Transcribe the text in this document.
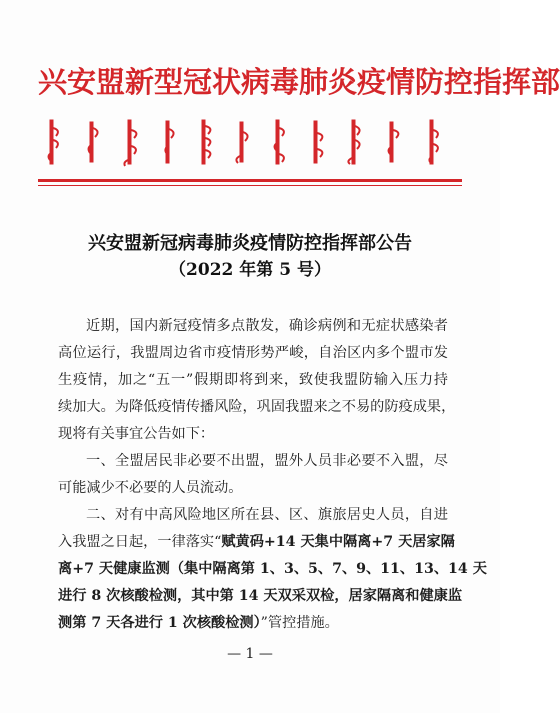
兴安盟新型冠状病毒肺炎疫情防控指挥部
兴安盟新冠病毒肺炎疫情防控指挥部公告
（2022 年第 5 号）
近期，国内新冠疫情多点散发，确诊病例和无症状感染者
高位运行，我盟周边省市疫情形势严峻，自治区内多个盟市发
生疫情，加之“五一”假期即将到来，致使我盟防输入压力持
续加大。为降低疫情传播风险，巩固我盟来之不易的防疫成果，
现将有关事宜公告如下：
一、全盟居民非必要不出盟，盟外人员非必要不入盟，尽
可能减少不必要的人员流动。
二、对有中高风险地区所在县、区、旗旅居史人员，自进
入我盟之日起，一律落实“赋黄码+14 天集中隔离+7 天居家隔
离+7 天健康监测（集中隔离第 1、3、5、7、9、11、13、14 天
进行 8 次核酸检测，其中第 14 天双采双检，居家隔离和健康监
测第 7 天各进行 1 次核酸检测）”管控措施。
— 1 —
